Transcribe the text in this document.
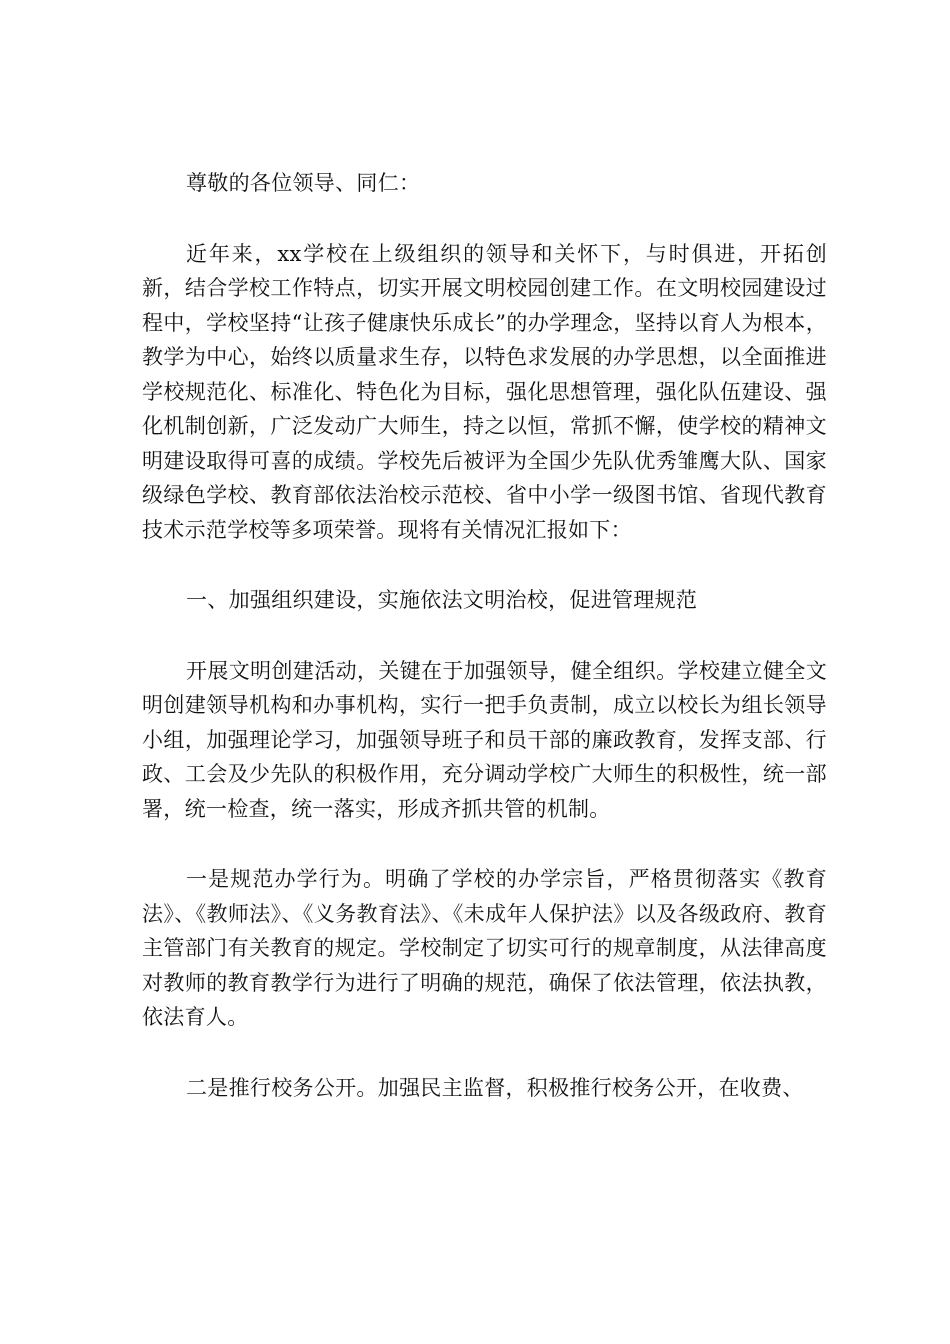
尊敬的各位领导、同仁：

近年来，xx学校在上级组织的领导和关怀下，与时俱进，开拓创新，结合学校工作特点，切实开展文明校园创建工作。在文明校园建设过程中，学校坚持“让孩子健康快乐成长”的办学理念，坚持以育人为根本，教学为中心，始终以质量求生存，以特色求发展的办学思想，以全面推进学校规范化、标准化、特色化为目标，强化思想管理，强化队伍建设、强化机制创新，广泛发动广大师生，持之以恒，常抓不懈，使学校的精神文明建设取得可喜的成绩。学校先后被评为全国少先队优秀雏鹰大队、国家级绿色学校、教育部依法治校示范校、省中小学一级图书馆、省现代教育技术示范学校等多项荣誉。现将有关情况汇报如下：

一、加强组织建设，实施依法文明治校，促进管理规范

开展文明创建活动，关键在于加强领导，健全组织。学校建立健全文明创建领导机构和办事机构，实行一把手负责制，成立以校长为组长领导小组，加强理论学习，加强领导班子和员干部的廉政教育，发挥支部、行政、工会及少先队的积极作用，充分调动学校广大师生的积极性，统一部署，统一检查，统一落实，形成齐抓共管的机制。

一是规范办学行为。明确了学校的办学宗旨，严格贯彻落实《教育法》、《教师法》、《义务教育法》、《未成年人保护法》以及各级政府、教育主管部门有关教育的规定。学校制定了切实可行的规章制度，从法律高度对教师的教育教学行为进行了明确的规范，确保了依法管理，依法执教，依法育人。

二是推行校务公开。加强民主监督，积极推行校务公开，在收费、
